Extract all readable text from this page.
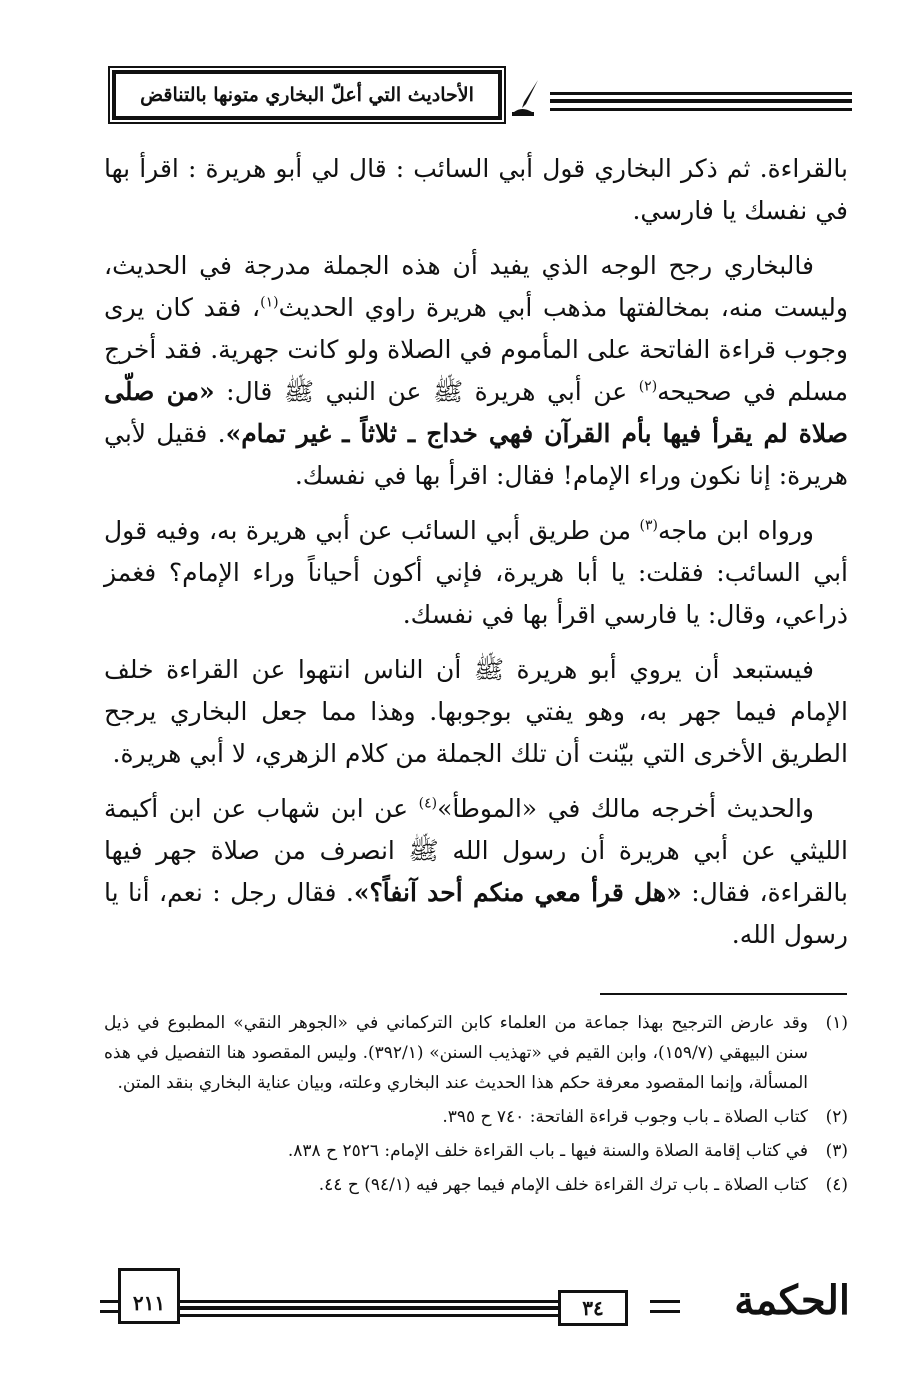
الأحاديث التي أعلّ البخاري متونها بالتناقض

بالقراءة. ثم ذكر البخاري قول أبي السائب : قال لي أبو هريرة : اقرأ بها في نفسك يا فارسي.

فالبخاري رجح الوجه الذي يفيد أن هذه الجملة مدرجة في الحديث، وليست منه، بمخالفتها مذهب أبي هريرة راوي الحديث$^{(١)}$، فقد كان يرى وجوب قراءة الفاتحة على المأموم في الصلاة ولو كانت جهرية. فقد أخرج مسلم في صحيحه$^{(٢)}$ عن أبي هريرة ﷺ عن النبي ﷺ قال: «من صلّى صلاة لم يقرأ فيها بأم القرآن فهي خداج ـ ثلاثاً ـ غير تمام». فقيل لأبي هريرة: إنا نكون وراء الإمام! فقال: اقرأ بها في نفسك.

ورواه ابن ماجه$^{(٣)}$ من طريق أبي السائب عن أبي هريرة به، وفيه قول أبي السائب: فقلت: يا أبا هريرة، فإني أكون أحياناً وراء الإمام؟ فغمز ذراعي، وقال: يا فارسي اقرأ بها في نفسك.

فيستبعد أن يروي أبو هريرة ﷺ أن الناس انتهوا عن القراءة خلف الإمام فيما جهر به، وهو يفتي بوجوبها. وهذا مما جعل البخاري يرجح الطريق الأخرى التي بيّنت أن تلك الجملة من كلام الزهري، لا أبي هريرة.

والحديث أخرجه مالك في «الموطأ»$^{(٤)}$ عن ابن شهاب عن ابن أكيمة الليثي عن أبي هريرة أن رسول الله ﷺ انصرف من صلاة جهر فيها بالقراءة، فقال: «هل قرأ معي منكم أحد آنفاً؟». فقال رجل : نعم، أنا يا رسول الله.

(١)
وقد عارض الترجيح بهذا جماعة من العلماء كابن التركماني في «الجوهر النقي» المطبوع في ذيل سنن البيهقي (١٥٩/٧)، وابن القيم في «تهذيب السنن» (٣٩٢/١). وليس المقصود هنا التفصيل في هذه المسألة، وإنما المقصود معرفة حكم هذا الحديث عند البخاري وعلته، وبيان عناية البخاري بنقد المتن.
(٢)
كتاب الصلاة ـ باب وجوب قراءة الفاتحة: ٧٤٠ ح ٣٩٥.
(٣)
في كتاب إقامة الصلاة والسنة فيها ـ باب القراءة خلف الإمام: ٢٥٢٦ ح ٨٣٨.
(٤)
كتاب الصلاة ـ باب ترك القراءة خلف الإمام فيما جهر فيه (٩٤/١) ح ٤٤.
٢١١	٣٤	الحكمة
